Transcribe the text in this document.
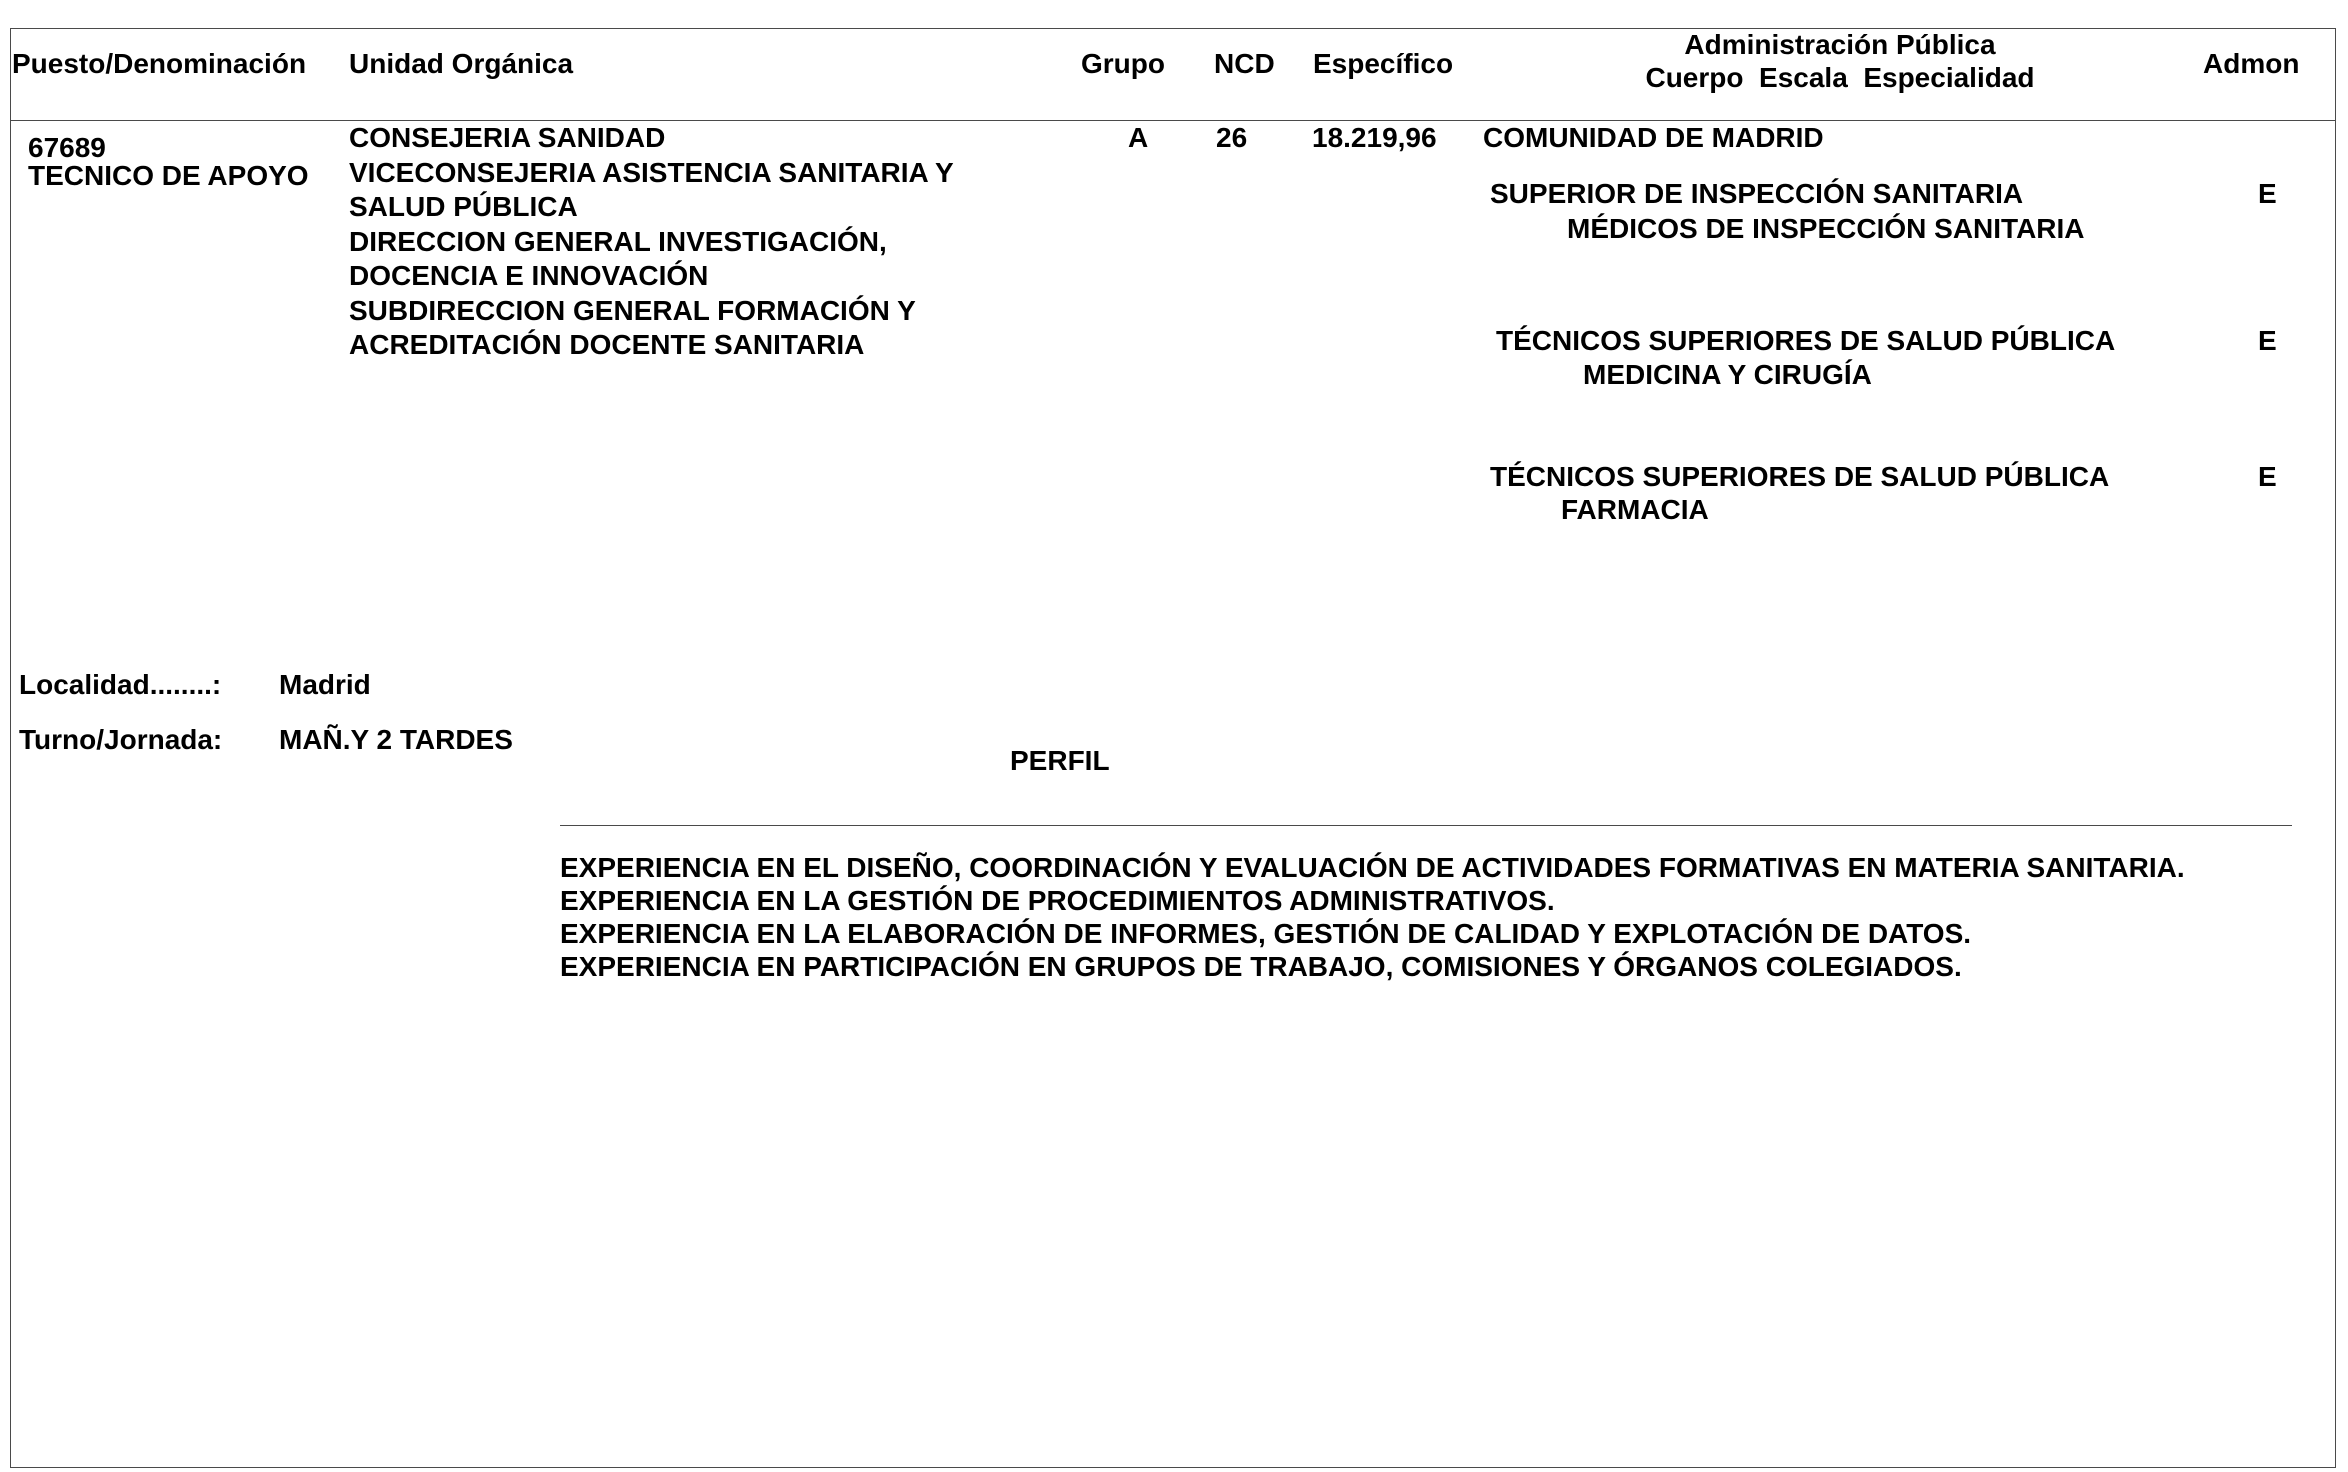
Puesto/Denominación Unidad Orgánica	Grupo NCD Específico
Administración Pública
Cuerpo  Escala  Especialidad	Admon
67689
TECNICO DE APOYO
CONSEJERIA SANIDAD
VICECONSEJERIA ASISTENCIA SANITARIA Y
SALUD PÚBLICA
DIRECCION GENERAL INVESTIGACIÓN,
DOCENCIA E INNOVACIÓN
SUBDIRECCION GENERAL FORMACIÓN Y
ACREDITACIÓN DOCENTE SANITARIA
A 26 18.219,96 COMUNIDAD DE MADRID
SUPERIOR DE INSPECCIÓN SANITARIA
MÉDICOS DE INSPECCIÓN SANITARIA
E
TÉCNICOS SUPERIORES DE SALUD PÚBLICA
MEDICINA Y CIRUGÍA
E
TÉCNICOS SUPERIORES DE SALUD PÚBLICA
FARMACIA
E
Localidad........: Madrid
Turno/Jornada: MAÑ.Y 2 TARDES
PERFIL
EXPERIENCIA EN EL DISEÑO, COORDINACIÓN Y EVALUACIÓN DE ACTIVIDADES FORMATIVAS EN MATERIA SANITARIA.
EXPERIENCIA EN LA GESTIÓN DE PROCEDIMIENTOS ADMINISTRATIVOS.
EXPERIENCIA EN LA ELABORACIÓN DE INFORMES, GESTIÓN DE CALIDAD Y EXPLOTACIÓN DE DATOS.
EXPERIENCIA EN PARTICIPACIÓN EN GRUPOS DE TRABAJO, COMISIONES Y ÓRGANOS COLEGIADOS.
